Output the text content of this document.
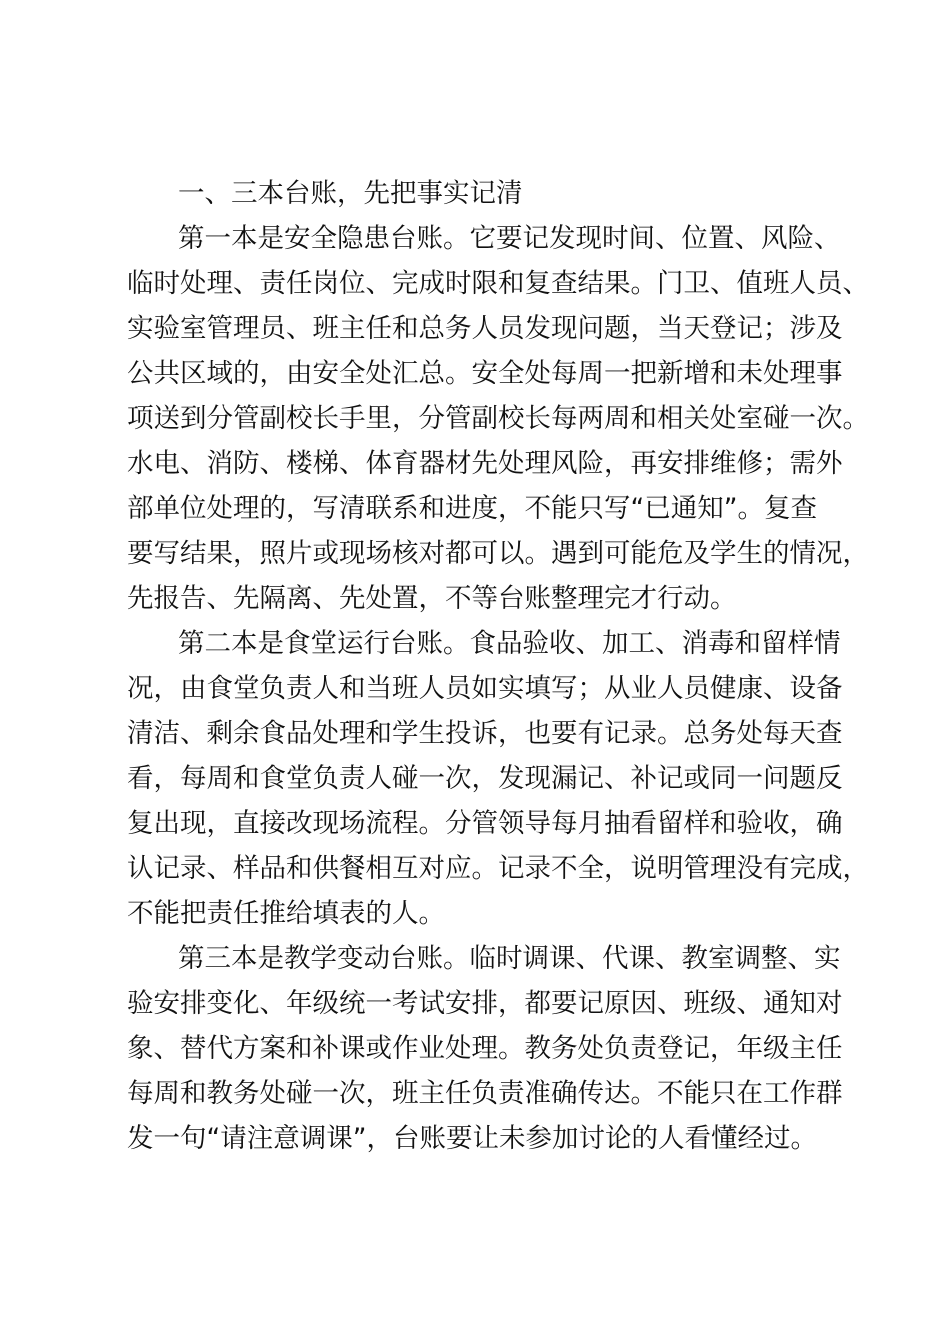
一、三本台账，先把事实记清
第一本是安全隐患台账。它要记发现时间、位置、风险、
临时处理、责任岗位、完成时限和复查结果。门卫、值班人员、
实验室管理员、班主任和总务人员发现问题，当天登记；涉及
公共区域的，由安全处汇总。安全处每周一把新增和未处理事
项送到分管副校长手里，分管副校长每两周和相关处室碰一次。
水电、消防、楼梯、体育器材先处理风险，再安排维修；需外
部单位处理的，写清联系和进度，不能只写“已通知”。复查
要写结果，照片或现场核对都可以。遇到可能危及学生的情况，
先报告、先隔离、先处置，不等台账整理完才行动。
第二本是食堂运行台账。食品验收、加工、消毒和留样情
况，由食堂负责人和当班人员如实填写；从业人员健康、设备
清洁、剩余食品处理和学生投诉，也要有记录。总务处每天查
看，每周和食堂负责人碰一次，发现漏记、补记或同一问题反
复出现，直接改现场流程。分管领导每月抽看留样和验收，确
认记录、样品和供餐相互对应。记录不全，说明管理没有完成，
不能把责任推给填表的人。
第三本是教学变动台账。临时调课、代课、教室调整、实
验安排变化、年级统一考试安排，都要记原因、班级、通知对
象、替代方案和补课或作业处理。教务处负责登记，年级主任
每周和教务处碰一次，班主任负责准确传达。不能只在工作群
发一句“请注意调课”，台账要让未参加讨论的人看懂经过。
